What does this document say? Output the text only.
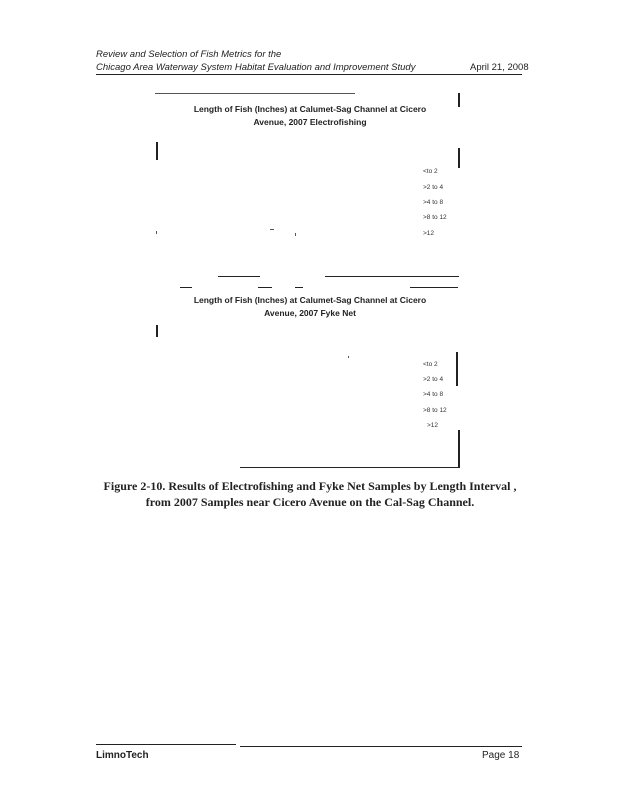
Review and Selection of Fish Metrics for the
Chicago Area Waterway System Habitat Evaluation and Improvement Study	April 21, 2008
Length of Fish (Inches) at Calumet-Sag Channel at Cicero
Avenue, 2007 Electrofishing
<to 2
>2 to 4
>4 to 8
>8 to 12
>12
Length of Fish (Inches) at Calumet-Sag Channel at Cicero
Avenue, 2007 Fyke Net
<to 2
>2 to 4
>4 to 8
>8 to 12
>12
Figure 2-10. Results of Electrofishing and Fyke Net Samples by Length Interval ,
from 2007 Samples near Cicero Avenue on the Cal-Sag Channel.
LimnoTech	Page 18
